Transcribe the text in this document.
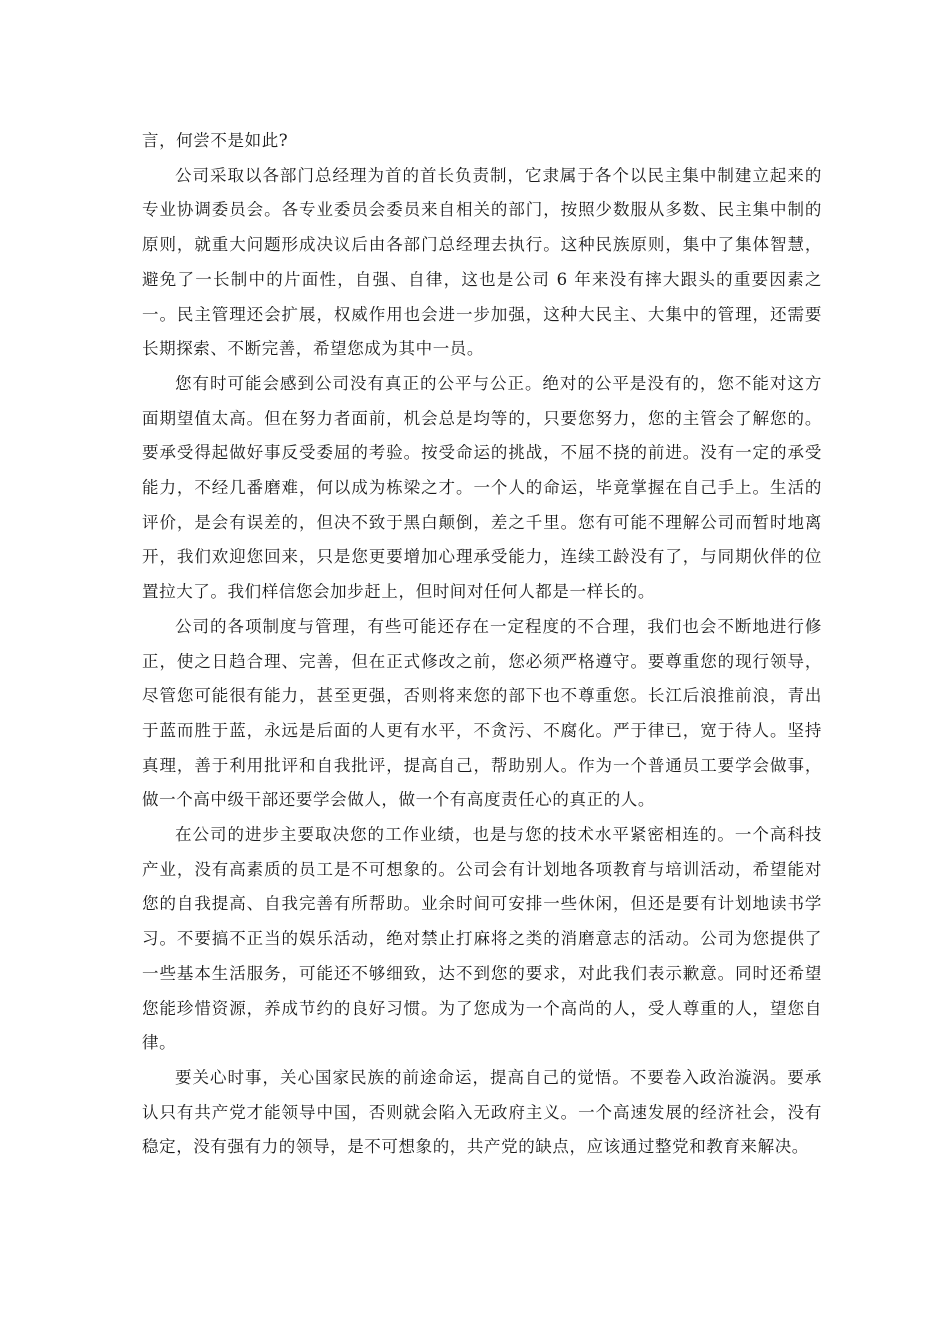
言，何尝不是如此?

公司采取以各部门总经理为首的首长负责制，它隶属于各个以民主集中制建立起来的专业协调委员会。各专业委员会委员来自相关的部门，按照少数服从多数、民主集中制的原则，就重大问题形成决议后由各部门总经理去执行。这种民族原则，集中了集体智慧，避免了一长制中的片面性，自强、自律，这也是公司 6 年来没有摔大跟头的重要因素之一。民主管理还会扩展，权威作用也会进一步加强，这种大民主、大集中的管理，还需要长期探索、不断完善，希望您成为其中一员。

您有时可能会感到公司没有真正的公平与公正。绝对的公平是没有的，您不能对这方面期望值太高。但在努力者面前，机会总是均等的，只要您努力，您的主管会了解您的。要承受得起做好事反受委屈的考验。按受命运的挑战，不屈不挠的前进。没有一定的承受能力，不经几番磨难，何以成为栋梁之才。一个人的命运，毕竟掌握在自己手上。生活的评价，是会有误差的，但决不致于黑白颠倒，差之千里。您有可能不理解公司而暂时地离开，我们欢迎您回来，只是您更要增加心理承受能力，连续工龄没有了，与同期伙伴的位置拉大了。我们样信您会加步赶上，但时间对任何人都是一样长的。

公司的各项制度与管理，有些可能还存在一定程度的不合理，我们也会不断地进行修正，使之日趋合理、完善，但在正式修改之前，您必须严格遵守。要尊重您的现行领导，尽管您可能很有能力，甚至更强，否则将来您的部下也不尊重您。长江后浪推前浪，青出于蓝而胜于蓝，永远是后面的人更有水平，不贪污、不腐化。严于律已，宽于待人。坚持真理，善于利用批评和自我批评，提高自己，帮助别人。作为一个普通员工要学会做事，做一个高中级干部还要学会做人，做一个有高度责任心的真正的人。

在公司的进步主要取决您的工作业绩，也是与您的技术水平紧密相连的。一个高科技产业，没有高素质的员工是不可想象的。公司会有计划地各项教育与培训活动，希望能对您的自我提高、自我完善有所帮助。业余时间可安排一些休闲，但还是要有计划地读书学习。不要搞不正当的娱乐活动，绝对禁止打麻将之类的消磨意志的活动。公司为您提供了一些基本生活服务，可能还不够细致，达不到您的要求，对此我们表示歉意。同时还希望您能珍惜资源，养成节约的良好习惯。为了您成为一个高尚的人，受人尊重的人，望您自律。

要关心时事，关心国家民族的前途命运，提高自己的觉悟。不要卷入政治漩涡。要承认只有共产党才能领导中国，否则就会陷入无政府主义。一个高速发展的经济社会，没有稳定，没有强有力的领导，是不可想象的，共产党的缺点，应该通过整党和教育来解决。
